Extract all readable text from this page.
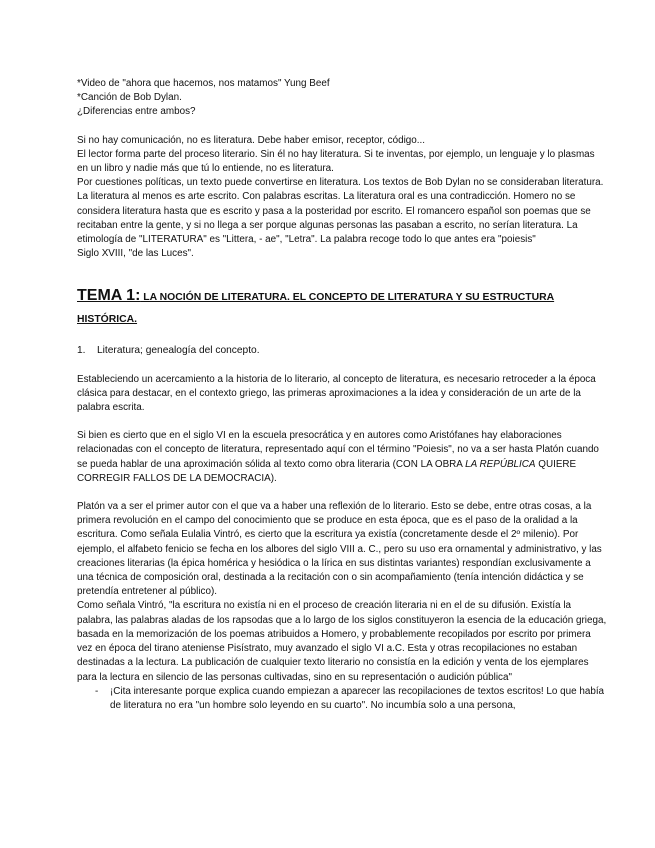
*Video de "ahora que hacemos, nos matamos" Yung Beef

*Canción de Bob Dylan.

¿Diferencias entre ambos?

Si no hay comunicación, no es literatura. Debe haber emisor, receptor, código...

El lector forma parte del proceso literario. Sin él no hay literatura. Si te inventas, por ejemplo, un lenguaje y lo plasmas en un libro y nadie más que tú lo entiende, no es literatura.

Por cuestiones políticas, un texto puede convertirse en literatura. Los textos de Bob Dylan no se consideraban literatura.

La literatura al menos es arte escrito. Con palabras escritas. La literatura oral es una contradicción. Homero no se considera literatura hasta que es escrito y pasa a la posteridad por escrito. El romancero español son poemas que se recitaban entre la gente, y si no llega a ser porque algunas personas las pasaban a escrito, no serían literatura. La etimología de "LITERATURA" es "Littera, - ae", "Letra". La palabra recoge todo lo que antes era "poiesis"

Siglo XVIII, "de las Luces".

TEMA 1: LA NOCIÓN DE LITERATURA. EL CONCEPTO DE LITERATURA Y SU ESTRUCTURA HISTÓRICA.

1. Literatura; genealogía del concepto.

Estableciendo un acercamiento a la historia de lo literario, al concepto de literatura, es necesario retroceder a la época clásica para destacar, en el contexto griego, las primeras aproximaciones a la idea y consideración de un arte de la palabra escrita.

Si bien es cierto que en el siglo VI en la escuela presocrática y en autores como Aristófanes hay elaboraciones relacionadas con el concepto de literatura, representado aquí con el término "Poiesis", no va a ser hasta Platón cuando se pueda hablar de una aproximación sólida al texto como obra literaria (CON LA OBRA LA REPÚBLICA QUIERE CORREGIR FALLOS DE LA DEMOCRACIA).

Platón va a ser el primer autor con el que va a haber una reflexión de lo literario. Esto se debe, entre otras cosas, a la primera revolución en el campo del conocimiento que se produce en esta época, que es el paso de la oralidad a la escritura. Como señala Eulalia Vintró, es cierto que la escritura ya existía (concretamente desde el 2º milenio). Por ejemplo, el alfabeto fenicio se fecha en los albores del siglo VIII a. C., pero su uso era ornamental y administrativo, y las creaciones literarias (la épica homérica y hesiódica o la lírica en sus distintas variantes) respondían exclusivamente a una técnica de composición oral, destinada a la recitación con o sin acompañamiento (tenía intención didáctica y se pretendía entretener al público).

Como señala Vintró, "la escritura no existía ni en el proceso de creación literaria ni en el de su difusión. Existía la palabra, las palabras aladas de los rapsodas que a lo largo de los siglos constituyeron la esencia de la educación griega, basada en la memorización de los poemas atribuidos a Homero, y probablemente recopilados por escrito por primera vez en época del tirano ateniense Pisístrato, muy avanzado el siglo VI a.C. Esta y otras recopilaciones no estaban destinadas a la lectura. La publicación de cualquier texto literario no consistía en la edición y venta de los ejemplares para la lectura en silencio de las personas cultivadas, sino en su representación o audición pública"

- ¡Cita interesante porque explica cuando empiezan a aparecer las recopilaciones de textos escritos! Lo que había de literatura no era "un hombre solo leyendo en su cuarto". No incumbía solo a una persona,
